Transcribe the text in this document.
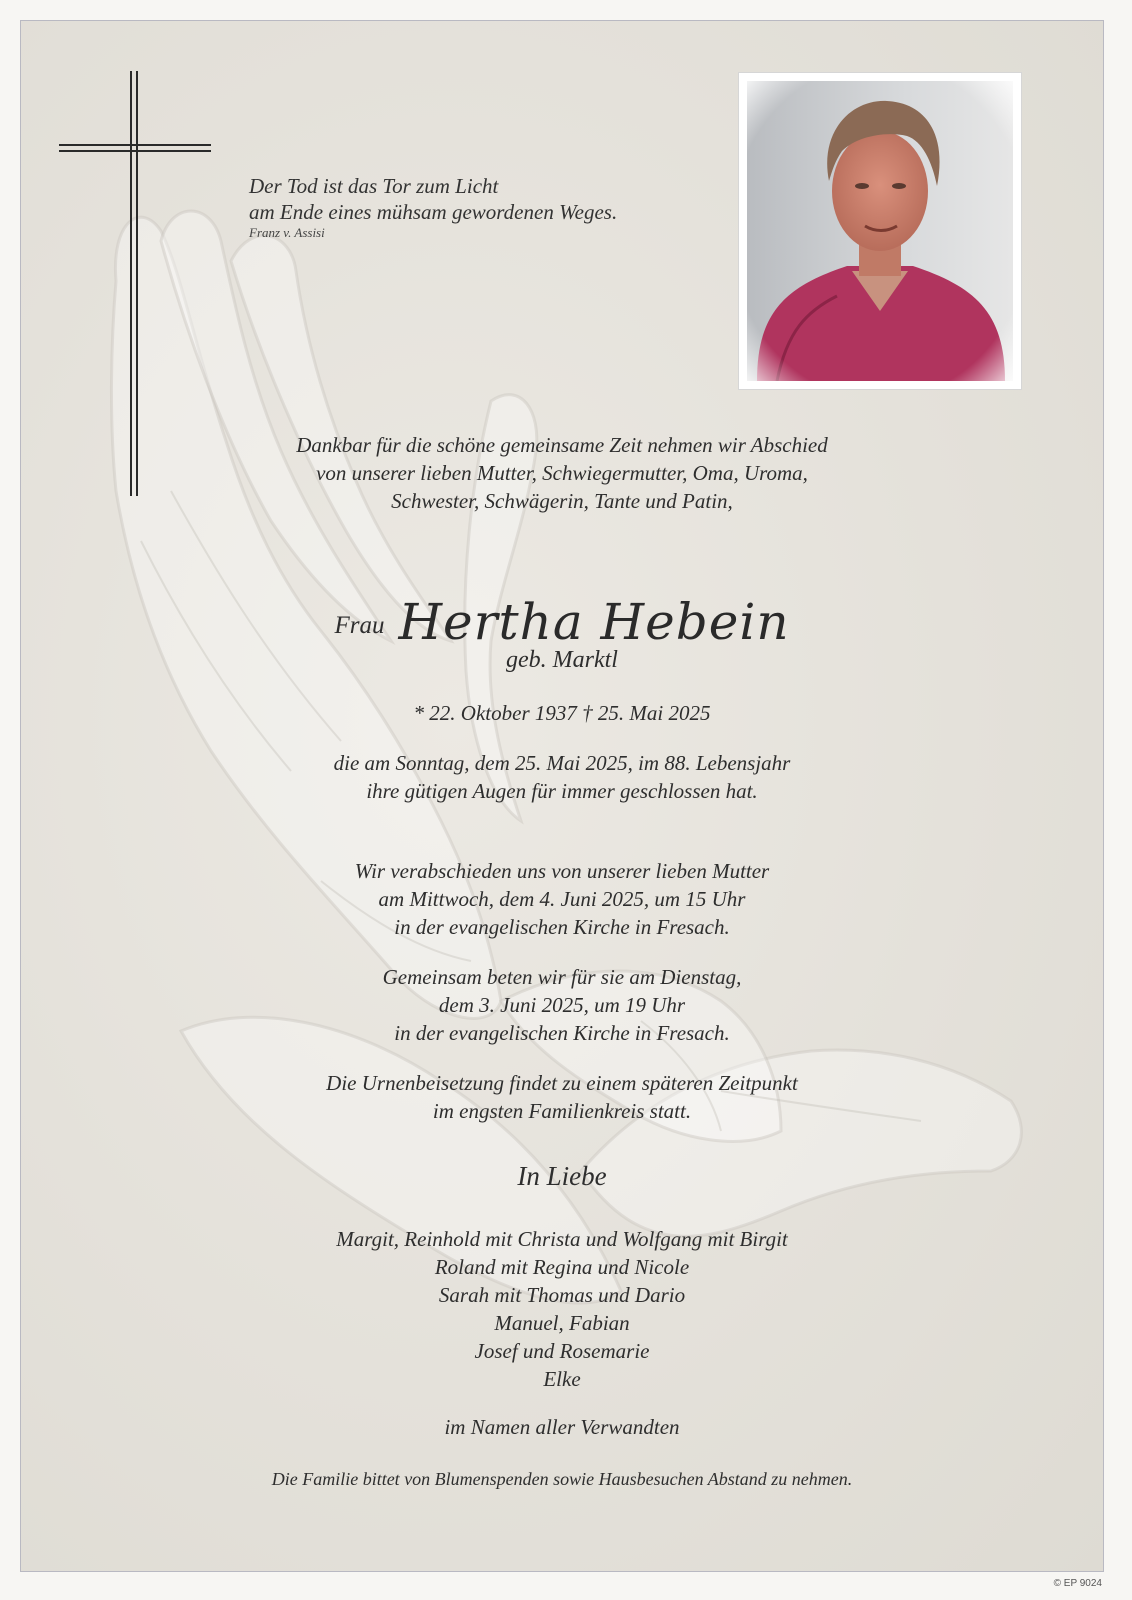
Der Tod ist das Tor zum Licht
am Ende eines mühsam gewordenen Weges.
Franz v. Assisi
Dankbar für die schöne gemeinsame Zeit nehmen wir Abschied
von unserer lieben Mutter, Schwiegermutter, Oma, Uroma,
Schwester, Schwägerin, Tante und Patin,
Frau Hertha Hebein
geb. Marktl
* 22. Oktober 1937 † 25. Mai 2025
die am Sonntag, dem 25. Mai 2025, im 88. Lebensjahr
ihre gütigen Augen für immer geschlossen hat.
Wir verabschieden uns von unserer lieben Mutter
am Mittwoch, dem 4. Juni 2025, um 15 Uhr
in der evangelischen Kirche in Fresach.
Gemeinsam beten wir für sie am Dienstag,
dem 3. Juni 2025, um 19 Uhr
in der evangelischen Kirche in Fresach.
Die Urnenbeisetzung findet zu einem späteren Zeitpunkt
im engsten Familienkreis statt.
In Liebe
Margit, Reinhold mit Christa und Wolfgang mit Birgit
Roland mit Regina und Nicole
Sarah mit Thomas und Dario
Manuel, Fabian
Josef und Rosemarie
Elke
im Namen aller Verwandten
Die Familie bittet von Blumenspenden sowie Hausbesuchen Abstand zu nehmen.
© EP 9024
